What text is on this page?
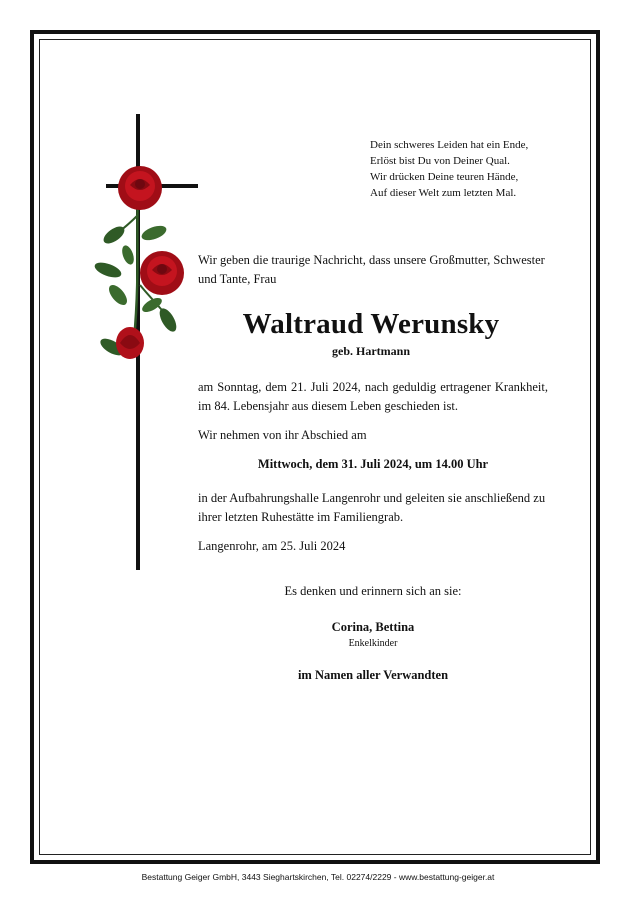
Dein schweres Leiden hat ein Ende,
Erlöst bist Du von Deiner Qual.
Wir drücken Deine teuren Hände,
Auf dieser Welt zum letzten Mal.
Wir geben die traurige Nachricht, dass unsere Großmutter, Schwester und Tante, Frau
Waltraud Werunsky
geb. Hartmann
am Sonntag, dem 21. Juli 2024, nach geduldig ertragener Krankheit, im 84. Lebensjahr aus diesem Leben geschieden ist.
Wir nehmen von ihr Abschied am
Mittwoch, dem 31. Juli 2024, um 14.00 Uhr
in der Aufbahrungshalle Langenrohr und geleiten sie anschließend zu ihrer letzten Ruhestätte im Familiengrab.
Langenrohr, am 25. Juli 2024
Es denken und erinnern sich an sie:
Corina, Bettina
Enkelkinder
im Namen aller Verwandten
Bestattung Geiger GmbH, 3443 Sieghartskirchen, Tel. 02274/2229 - www.bestattung-geiger.at
